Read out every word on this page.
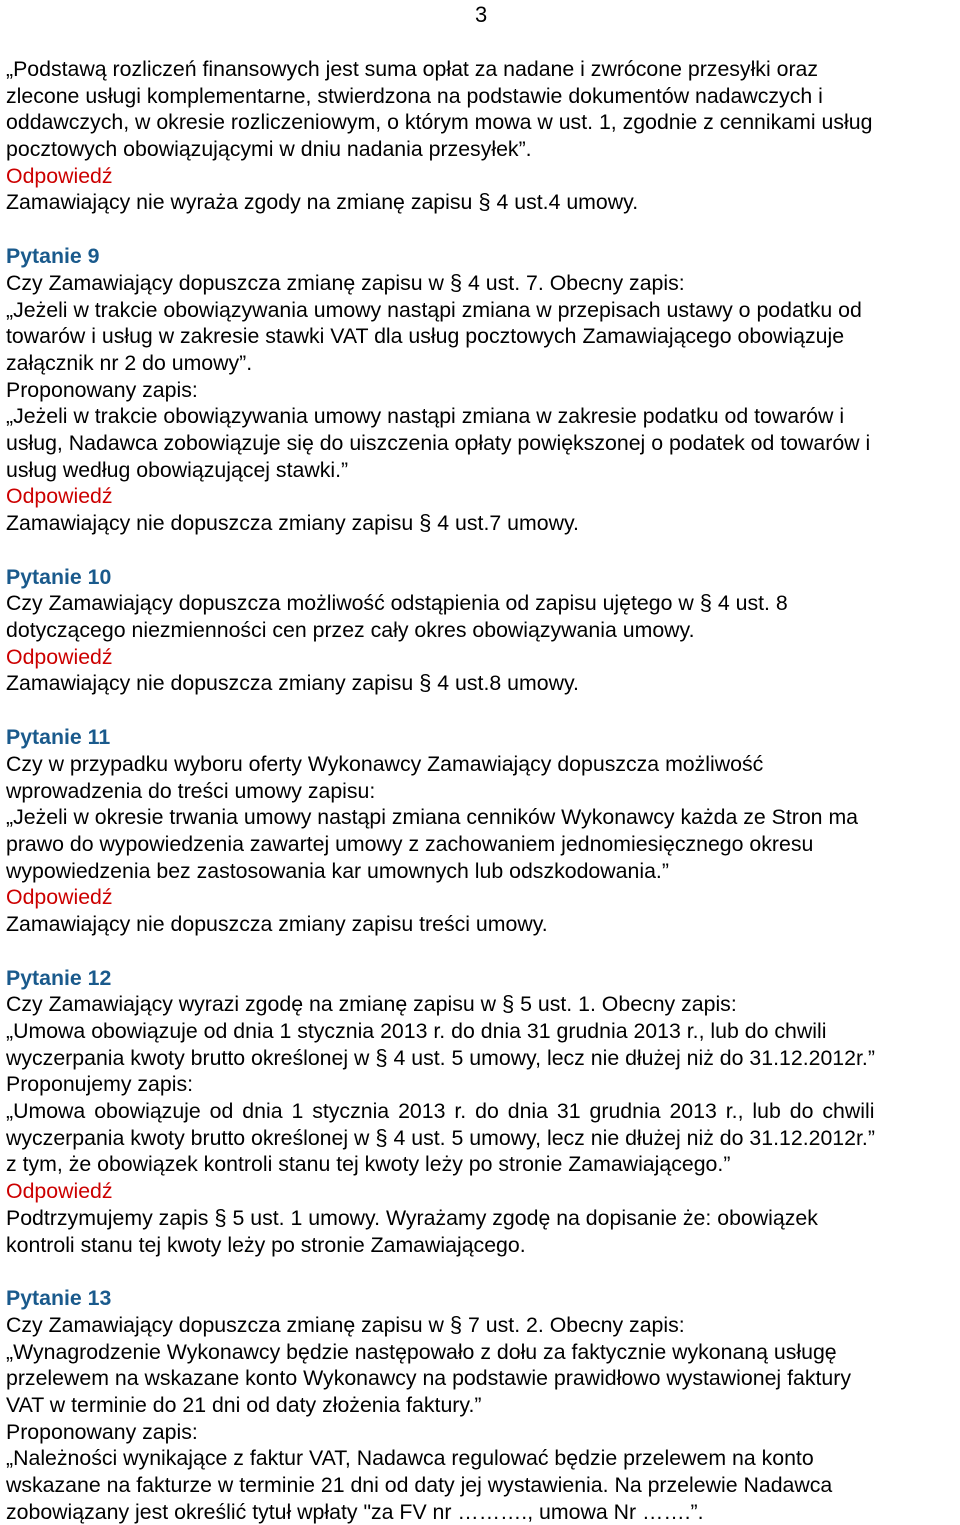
3
„Podstawą rozliczeń finansowych jest suma opłat za nadane i zwrócone przesyłki oraz
zlecone usługi komplementarne, stwierdzona na podstawie dokumentów nadawczych i
oddawczych, w okresie rozliczeniowym, o którym mowa w ust. 1, zgodnie z cennikami usług
pocztowych obowiązującymi w dniu nadania przesyłek”.
Odpowiedź
Zamawiający nie wyraża zgody na zmianę zapisu § 4 ust.4 umowy.
Pytanie 9
Czy Zamawiający dopuszcza zmianę zapisu w § 4 ust. 7. Obecny zapis:
„Jeżeli w trakcie obowiązywania umowy nastąpi zmiana w przepisach ustawy o podatku od
towarów i usług w zakresie stawki VAT dla usług pocztowych Zamawiającego obowiązuje
załącznik nr 2 do umowy”.
Proponowany zapis:
„Jeżeli w trakcie obowiązywania umowy nastąpi zmiana w zakresie podatku od towarów i
usług, Nadawca zobowiązuje się do uiszczenia opłaty powiększonej o podatek od towarów i
usług według obowiązującej stawki.”
Odpowiedź
Zamawiający nie dopuszcza zmiany zapisu § 4 ust.7 umowy.
Pytanie 10
Czy Zamawiający dopuszcza możliwość odstąpienia od zapisu ujętego w § 4 ust. 8
dotyczącego niezmienności cen przez cały okres obowiązywania umowy.
Odpowiedź
Zamawiający nie dopuszcza zmiany zapisu § 4 ust.8 umowy.
Pytanie 11
Czy w przypadku wyboru oferty Wykonawcy Zamawiający dopuszcza możliwość
wprowadzenia do treści umowy zapisu:
„Jeżeli w okresie trwania umowy nastąpi zmiana cenników Wykonawcy każda ze Stron ma
prawo do wypowiedzenia zawartej umowy z zachowaniem jednomiesięcznego okresu
wypowiedzenia bez zastosowania kar umownych lub odszkodowania.”
Odpowiedź
Zamawiający nie dopuszcza zmiany zapisu treści umowy.
Pytanie 12
Czy Zamawiający wyrazi zgodę na zmianę zapisu w § 5 ust. 1. Obecny zapis:
„Umowa obowiązuje od dnia 1 stycznia 2013 r. do dnia 31 grudnia 2013 r., lub do chwili
wyczerpania kwoty brutto określonej w § 4 ust. 5 umowy, lecz nie dłużej niż do 31.12.2012r.”
Proponujemy zapis:
„Umowa obowiązuje od dnia 1 stycznia 2013 r. do dnia 31 grudnia 2013 r., lub do chwili
wyczerpania kwoty brutto określonej w § 4 ust. 5 umowy, lecz nie dłużej niż do 31.12.2012r.”
z tym, że obowiązek kontroli stanu tej kwoty leży po stronie Zamawiającego.”
Odpowiedź
Podtrzymujemy zapis § 5 ust. 1 umowy. Wyrażamy zgodę na dopisanie że: obowiązek
kontroli stanu tej kwoty leży po stronie Zamawiającego.
Pytanie 13
Czy Zamawiający dopuszcza zmianę zapisu w § 7 ust. 2. Obecny zapis:
„Wynagrodzenie Wykonawcy będzie następowało z dołu za faktycznie wykonaną usługę
przelewem na wskazane konto Wykonawcy na podstawie prawidłowo wystawionej faktury
VAT w terminie do 21 dni od daty złożenia faktury.”
Proponowany zapis:
„Należności wynikające z faktur VAT, Nadawca regulować będzie przelewem na konto
wskazane na fakturze w terminie 21 dni od daty jej wystawienia. Na przelewie Nadawca
zobowiązany jest określić tytuł wpłaty "za FV nr ………., umowa Nr …….”.
